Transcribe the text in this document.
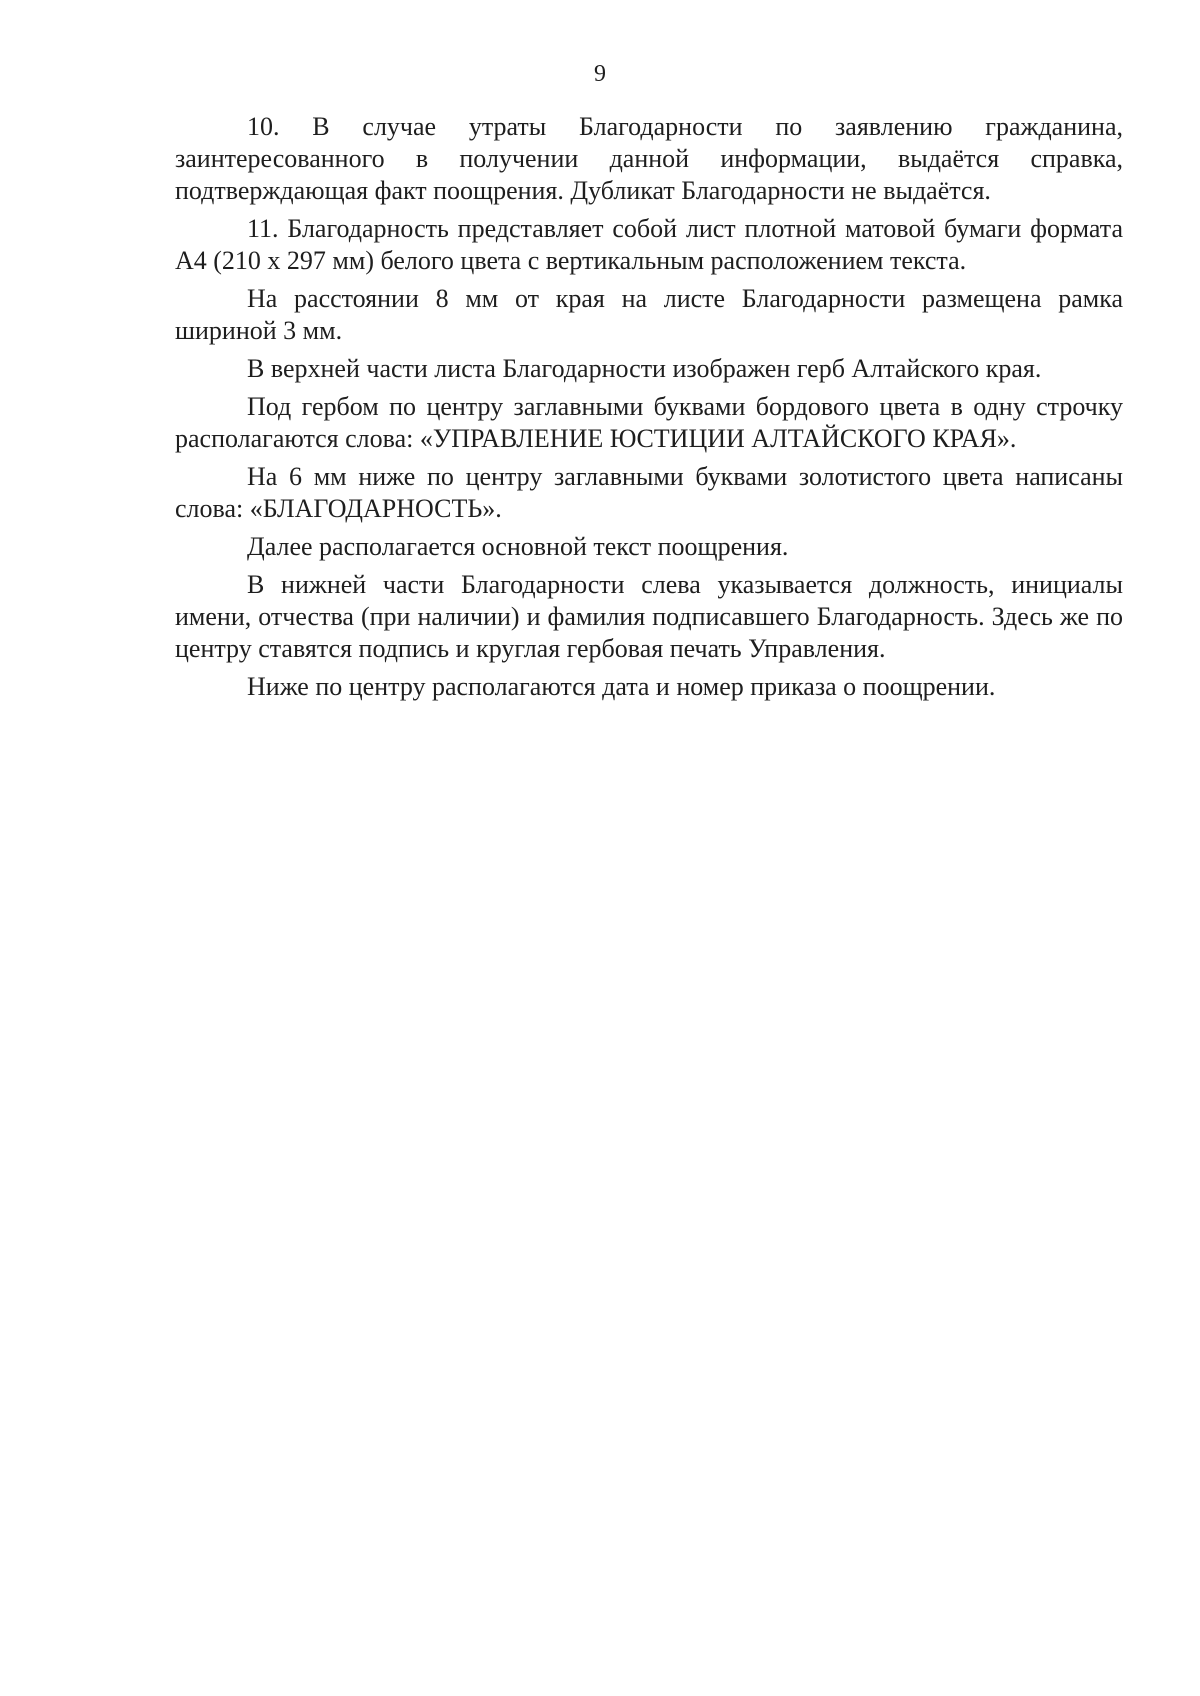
9

10. В случае утраты Благодарности по заявлению гражданина, заинтересованного в получении данной информации, выдаётся справка, подтверждающая факт поощрения. Дубликат Благодарности не выдаётся.

11. Благодарность представляет собой лист плотной матовой бумаги формата А4 (210 х 297 мм) белого цвета с вертикальным расположением текста.

На расстоянии 8 мм от края на листе Благодарности размещена рамка шириной 3 мм.

В верхней части листа Благодарности изображен герб Алтайского края.

Под гербом по центру заглавными буквами бордового цвета в одну строчку располагаются слова: «УПРАВЛЕНИЕ ЮСТИЦИИ АЛТАЙСКОГО КРАЯ».

На 6 мм ниже по центру заглавными буквами золотистого цвета написаны слова: «БЛАГОДАРНОСТЬ».

Далее располагается основной текст поощрения.

В нижней части Благодарности слева указывается должность, инициалы имени, отчества (при наличии) и фамилия подписавшего Благодарность. Здесь же по центру ставятся подпись и круглая гербовая печать Управления.

Ниже по центру располагаются дата и номер приказа о поощрении.
